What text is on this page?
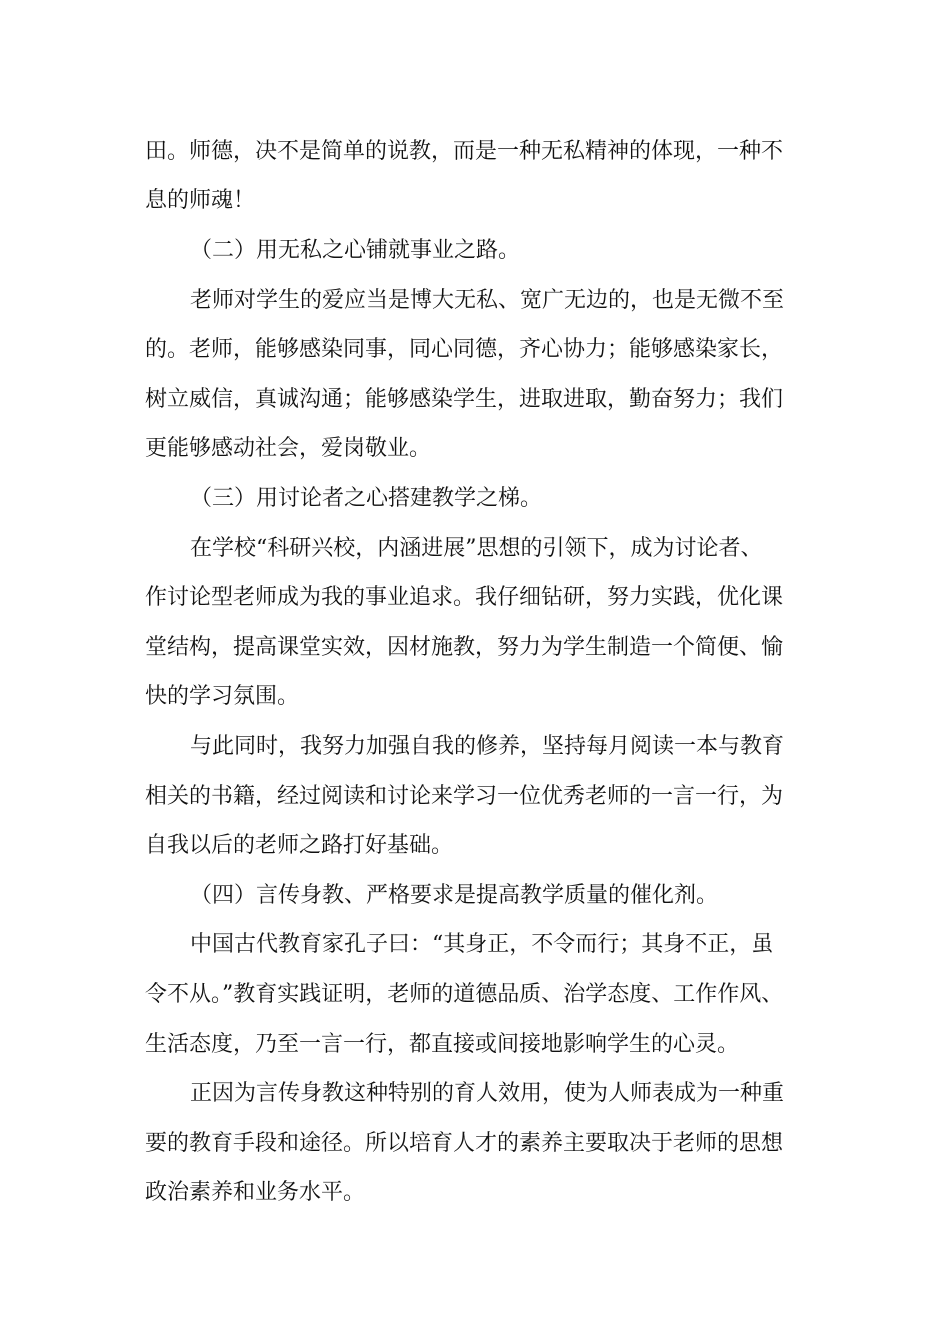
田。师德，决不是简单的说教，而是一种无私精神的体现，一种不
息的师魂！
（二）用无私之心铺就事业之路。
老师对学生的爱应当是博大无私、宽广无边的，也是无微不至
的。老师，能够感染同事，同心同德，齐心协力；能够感染家长，
树立威信，真诚沟通；能够感染学生，进取进取，勤奋努力；我们
更能够感动社会，爱岗敬业。
（三）用讨论者之心搭建教学之梯。
在学校“科研兴校，内涵进展”思想的引领下，成为讨论者、
作讨论型老师成为我的事业追求。我仔细钻研，努力实践，优化课
堂结构，提高课堂实效，因材施教，努力为学生制造一个简便、愉
快的学习氛围。
与此同时，我努力加强自我的修养，坚持每月阅读一本与教育
相关的书籍，经过阅读和讨论来学习一位优秀老师的一言一行，为
自我以后的老师之路打好基础。
（四）言传身教、严格要求是提高教学质量的催化剂。
中国古代教育家孔子曰：“其身正，不令而行；其身不正，虽
令不从。”教育实践证明，老师的道德品质、治学态度、工作作风、
生活态度，乃至一言一行，都直接或间接地影响学生的心灵。
正因为言传身教这种特别的育人效用，使为人师表成为一种重
要的教育手段和途径。所以培育人才的素养主要取决于老师的思想
政治素养和业务水平。
